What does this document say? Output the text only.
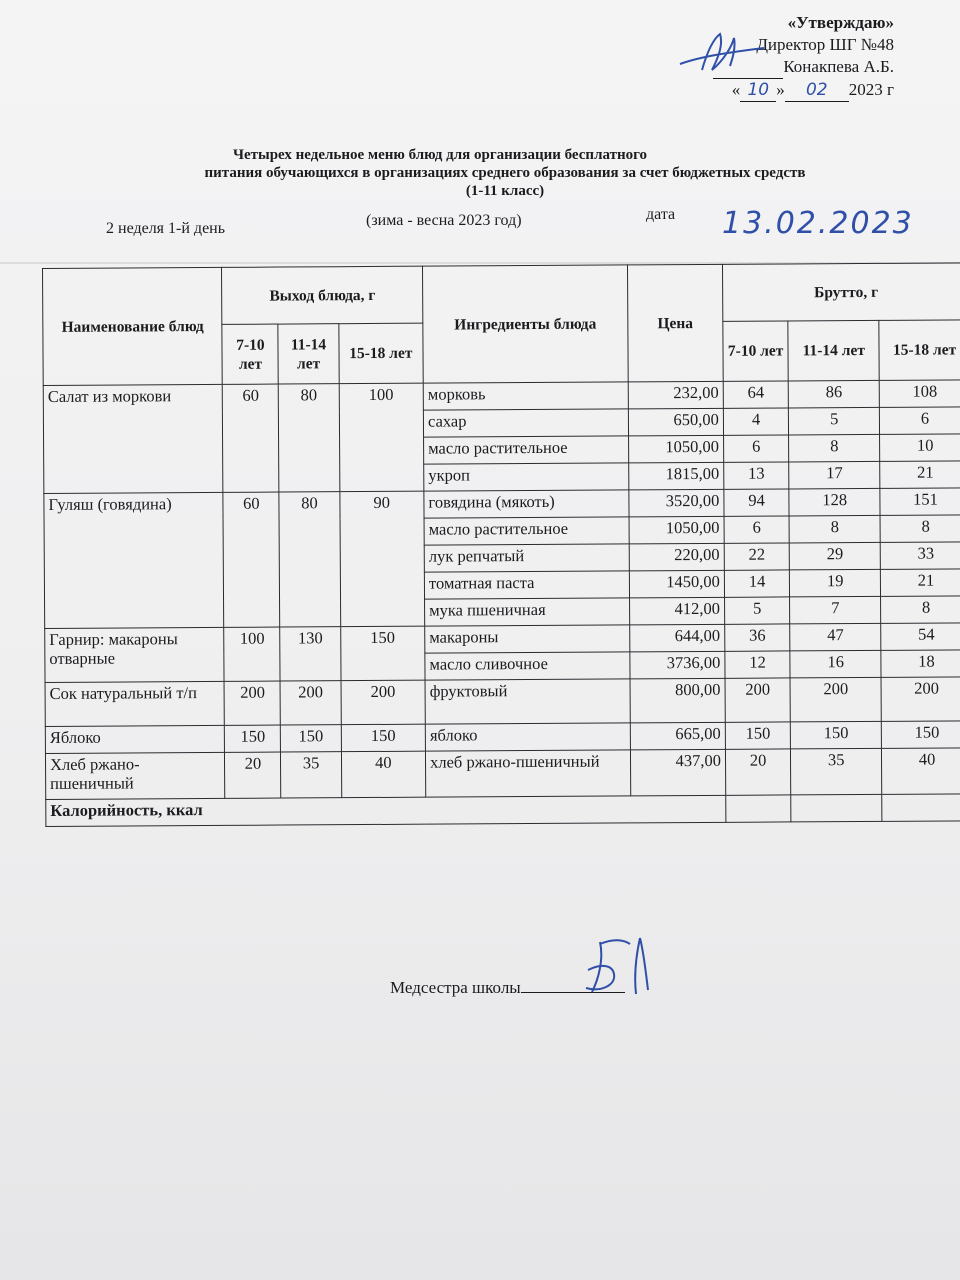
«Утверждаю»
Директор ШГ №48
Конакпева А.Б.
« 10 » 02 2023 г
Четырех недельное меню блюд для организации бесплатного
питания обучающихся в организациях среднего образования за счет бюджетных средств
(1-11 класс)
2 неделя 1-й день	(зима - весна 2023 год)	дата 13.02.2023
Наименование блюд	Выход блюда, г			Ингредиенты блюда	Цена	Брутто, г		
	7-10 лет	11-14 лет	15-18 лет			7-10 лет	11-14 лет	15-18 лет
Салат из моркови	60	80	100	морковь	232,00	64	86	108
				сахар	650,00	4	5	6
				масло растительное	1050,00	6	8	10
				укроп	1815,00	13	17	21
Гуляш (говядина)	60	80	90	говядина (мякоть)	3520,00	94	128	151
				масло растительное	1050,00	6	8	8
				лук репчатый	220,00	22	29	33
				томатная паста	1450,00	14	19	21
				мука пшеничная	412,00	5	7	8
Гарнир: макароны отварные	100	130	150	макароны	644,00	36	47	54
				масло сливочное	3736,00	12	16	18
Сок натуральный т/п	200	200	200	фруктовый	800,00	200	200	200
Яблоко	150	150	150	яблоко	665,00	150	150	150
Хлеб ржано-пшеничный	20	35	40	хлеб ржано-пшеничный	437,00	20	35	40
Калорийность, ккал								
Медсестра школы
